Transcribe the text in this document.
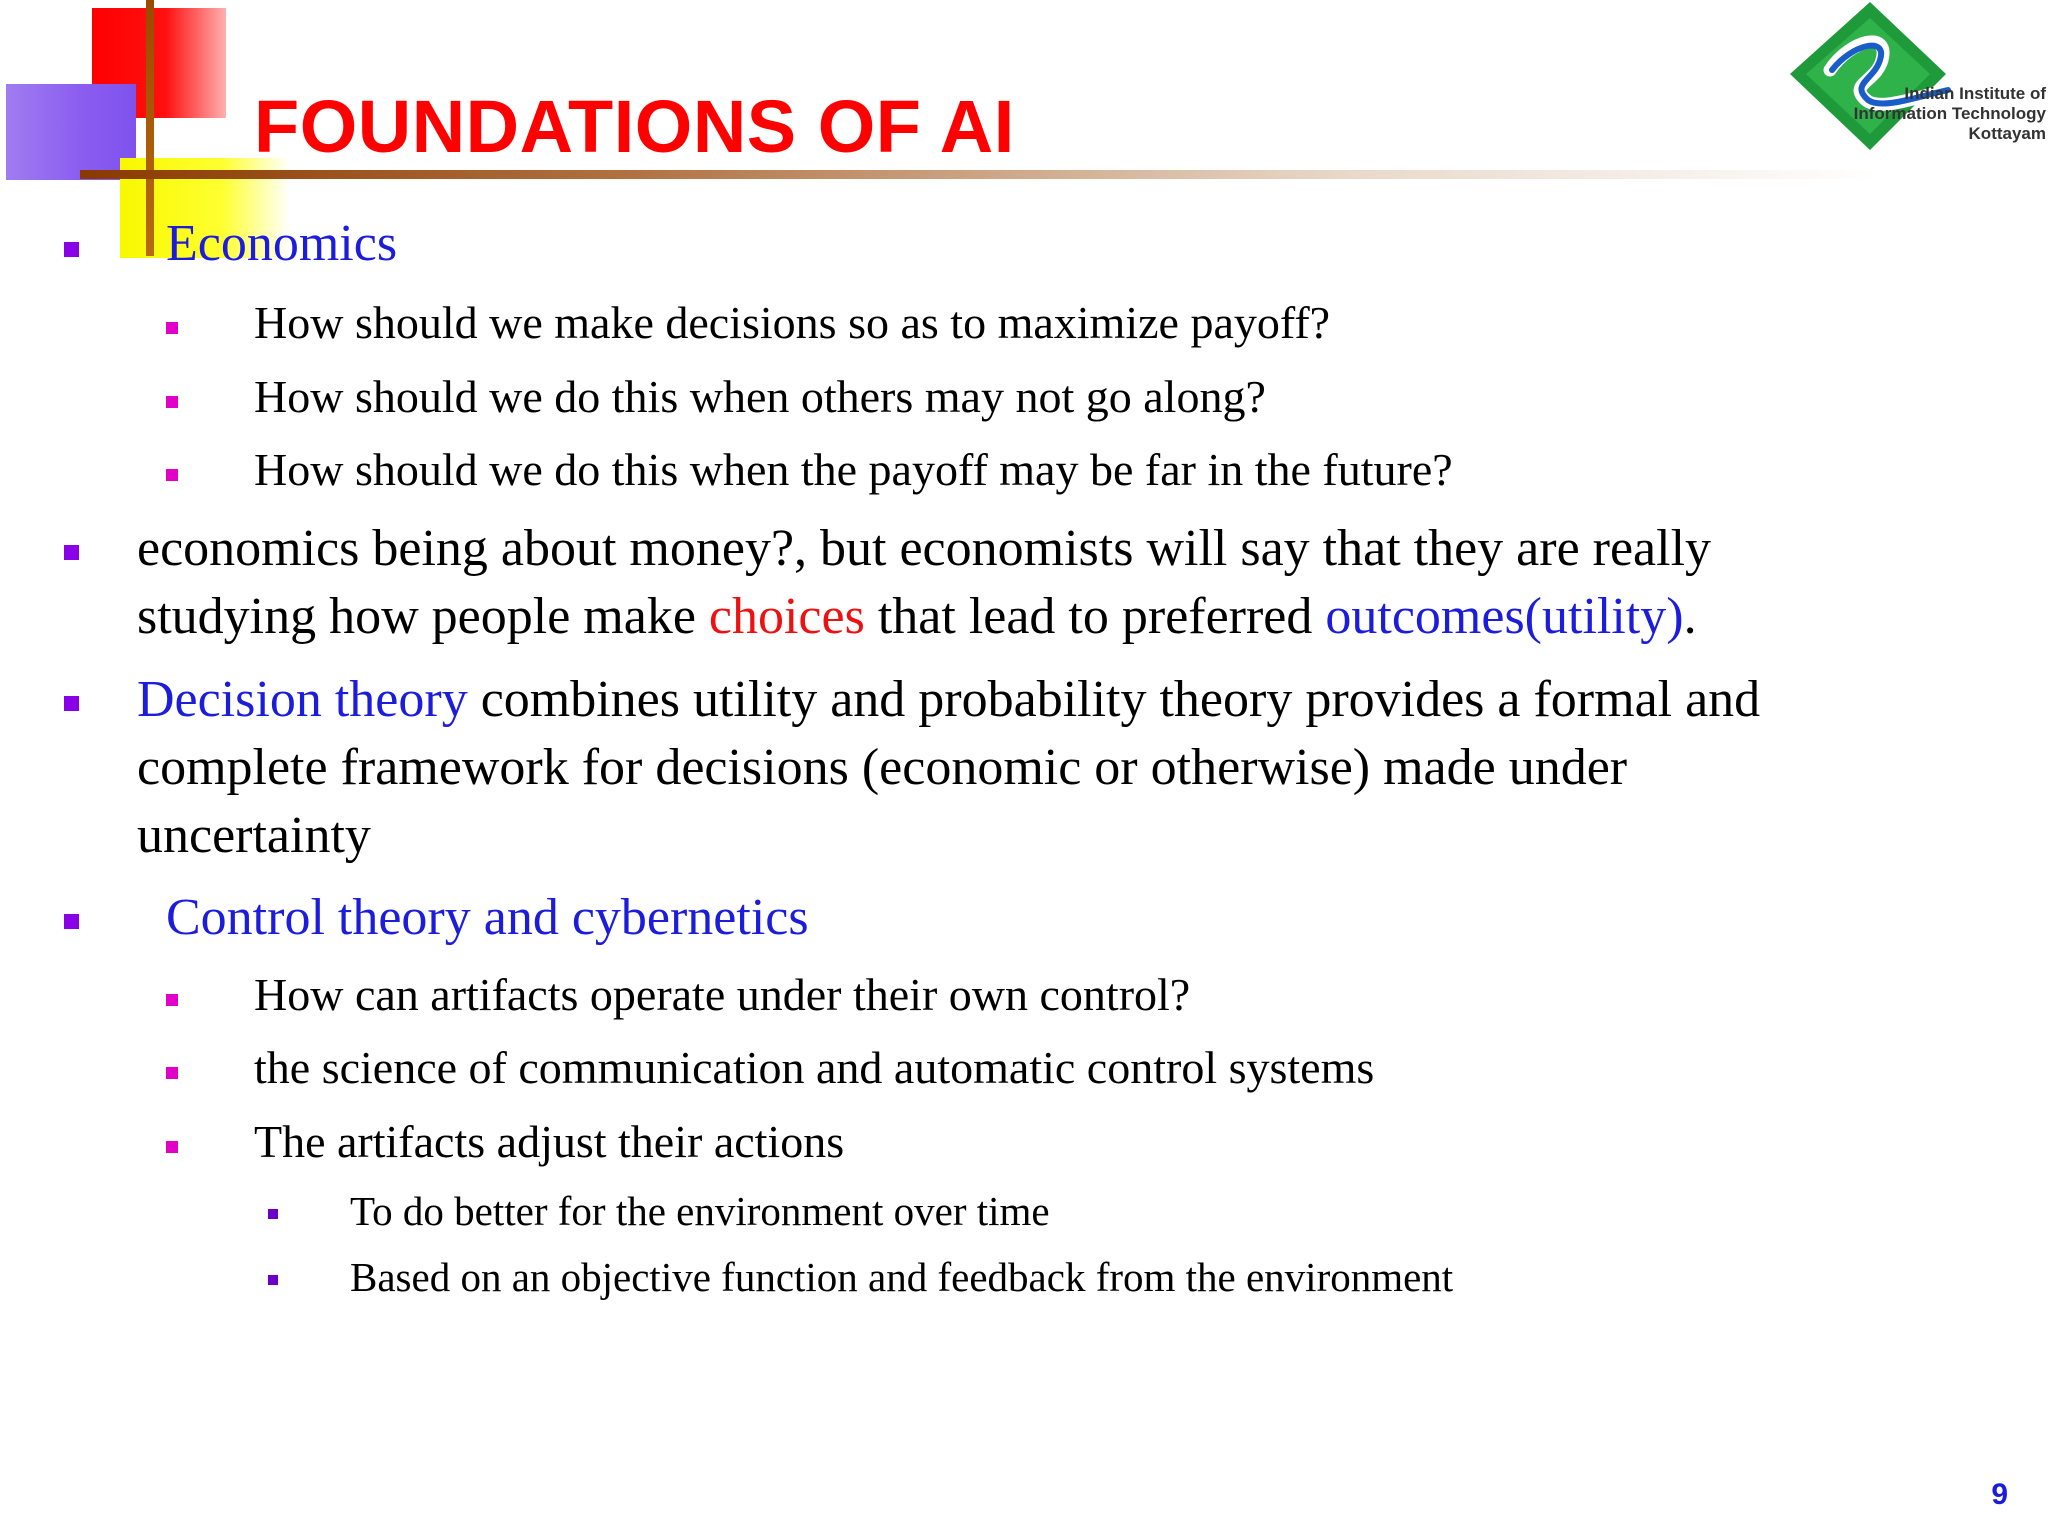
FOUNDATIONS OF AI	Indian Institute of
Information Technology
Kottayam
Economics
How should we make decisions so as to maximize payoff?
How should we do this when others may not go along?
How should we do this when the payoff may be far in the future?
economics being about money?, but economists will say that they are really
studying how people make choices that lead to preferred outcomes(utility).
Decision theory combines utility and probability theory provides a formal and
complete framework for decisions (economic or otherwise) made under
uncertainty
Control theory and cybernetics
How can artifacts operate under their own control?
the science of communication and automatic control systems
The artifacts adjust their actions
To do better for the environment over time
Based on an objective function and feedback from the environment
9
